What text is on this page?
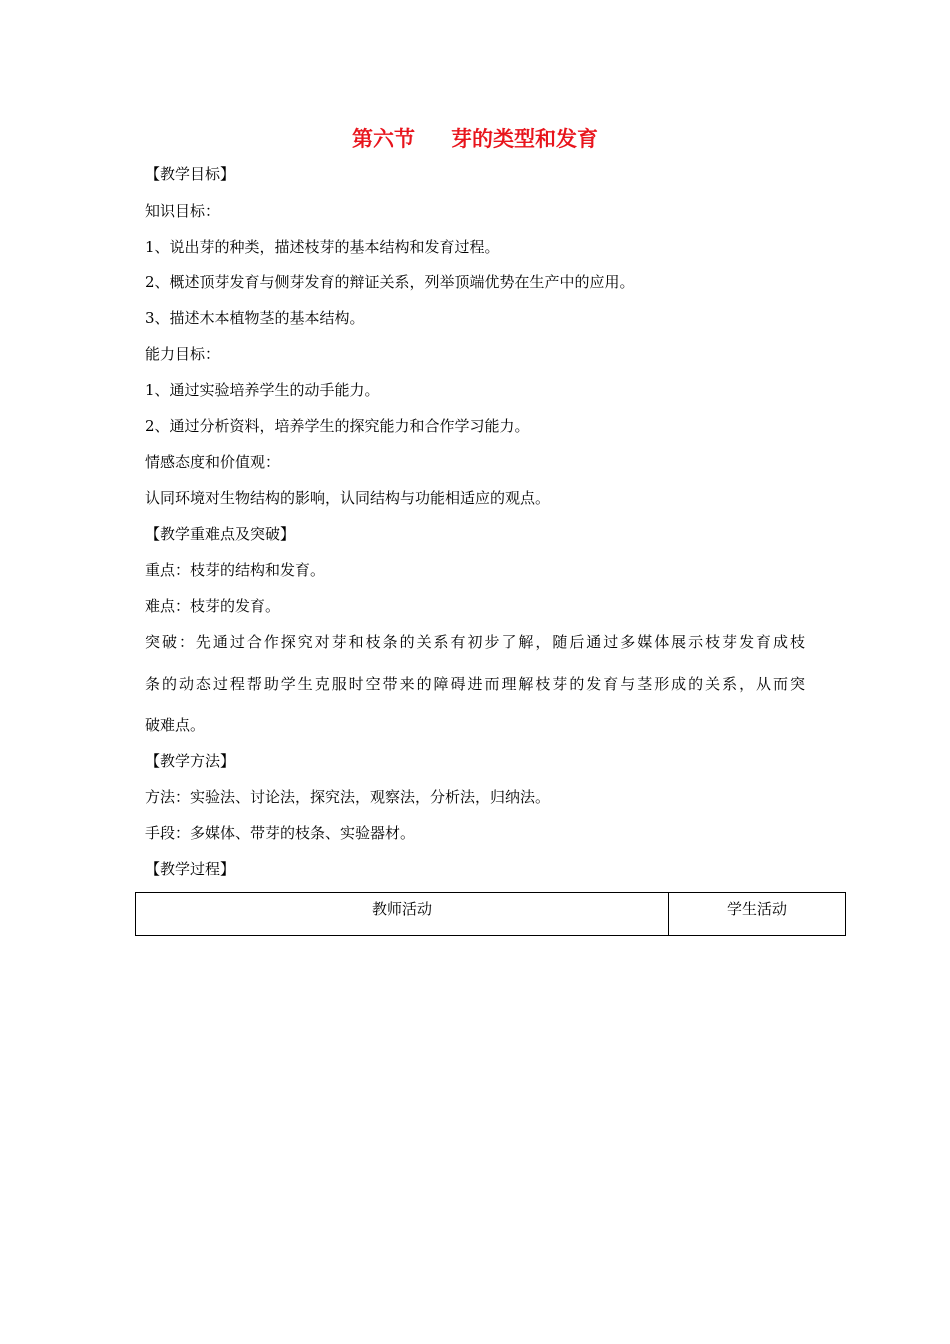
第六节 芽的类型和发育
【教学目标】
知识目标：
1、说出芽的种类，描述枝芽的基本结构和发育过程。
2、概述顶芽发育与侧芽发育的辩证关系，列举顶端优势在生产中的应用。
3、描述木本植物茎的基本结构。
能力目标：
1、通过实验培养学生的动手能力。
2、通过分析资料，培养学生的探究能力和合作学习能力。
情感态度和价值观：
认同环境对生物结构的影响，认同结构与功能相适应的观点。
【教学重难点及突破】
重点：枝芽的结构和发育。
难点：枝芽的发育。
突破：先通过合作探究对芽和枝条的关系有初步了解，随后通过多媒体展示枝芽发育成枝
条的动态过程帮助学生克服时空带来的障碍进而理解枝芽的发育与茎形成的关系，从而突
破难点。
【教学方法】
方法：实验法、讨论法，探究法，观察法，分析法，归纳法。
手段：多媒体、带芽的枝条、实验器材。
【教学过程】
教师活动	学生活动
